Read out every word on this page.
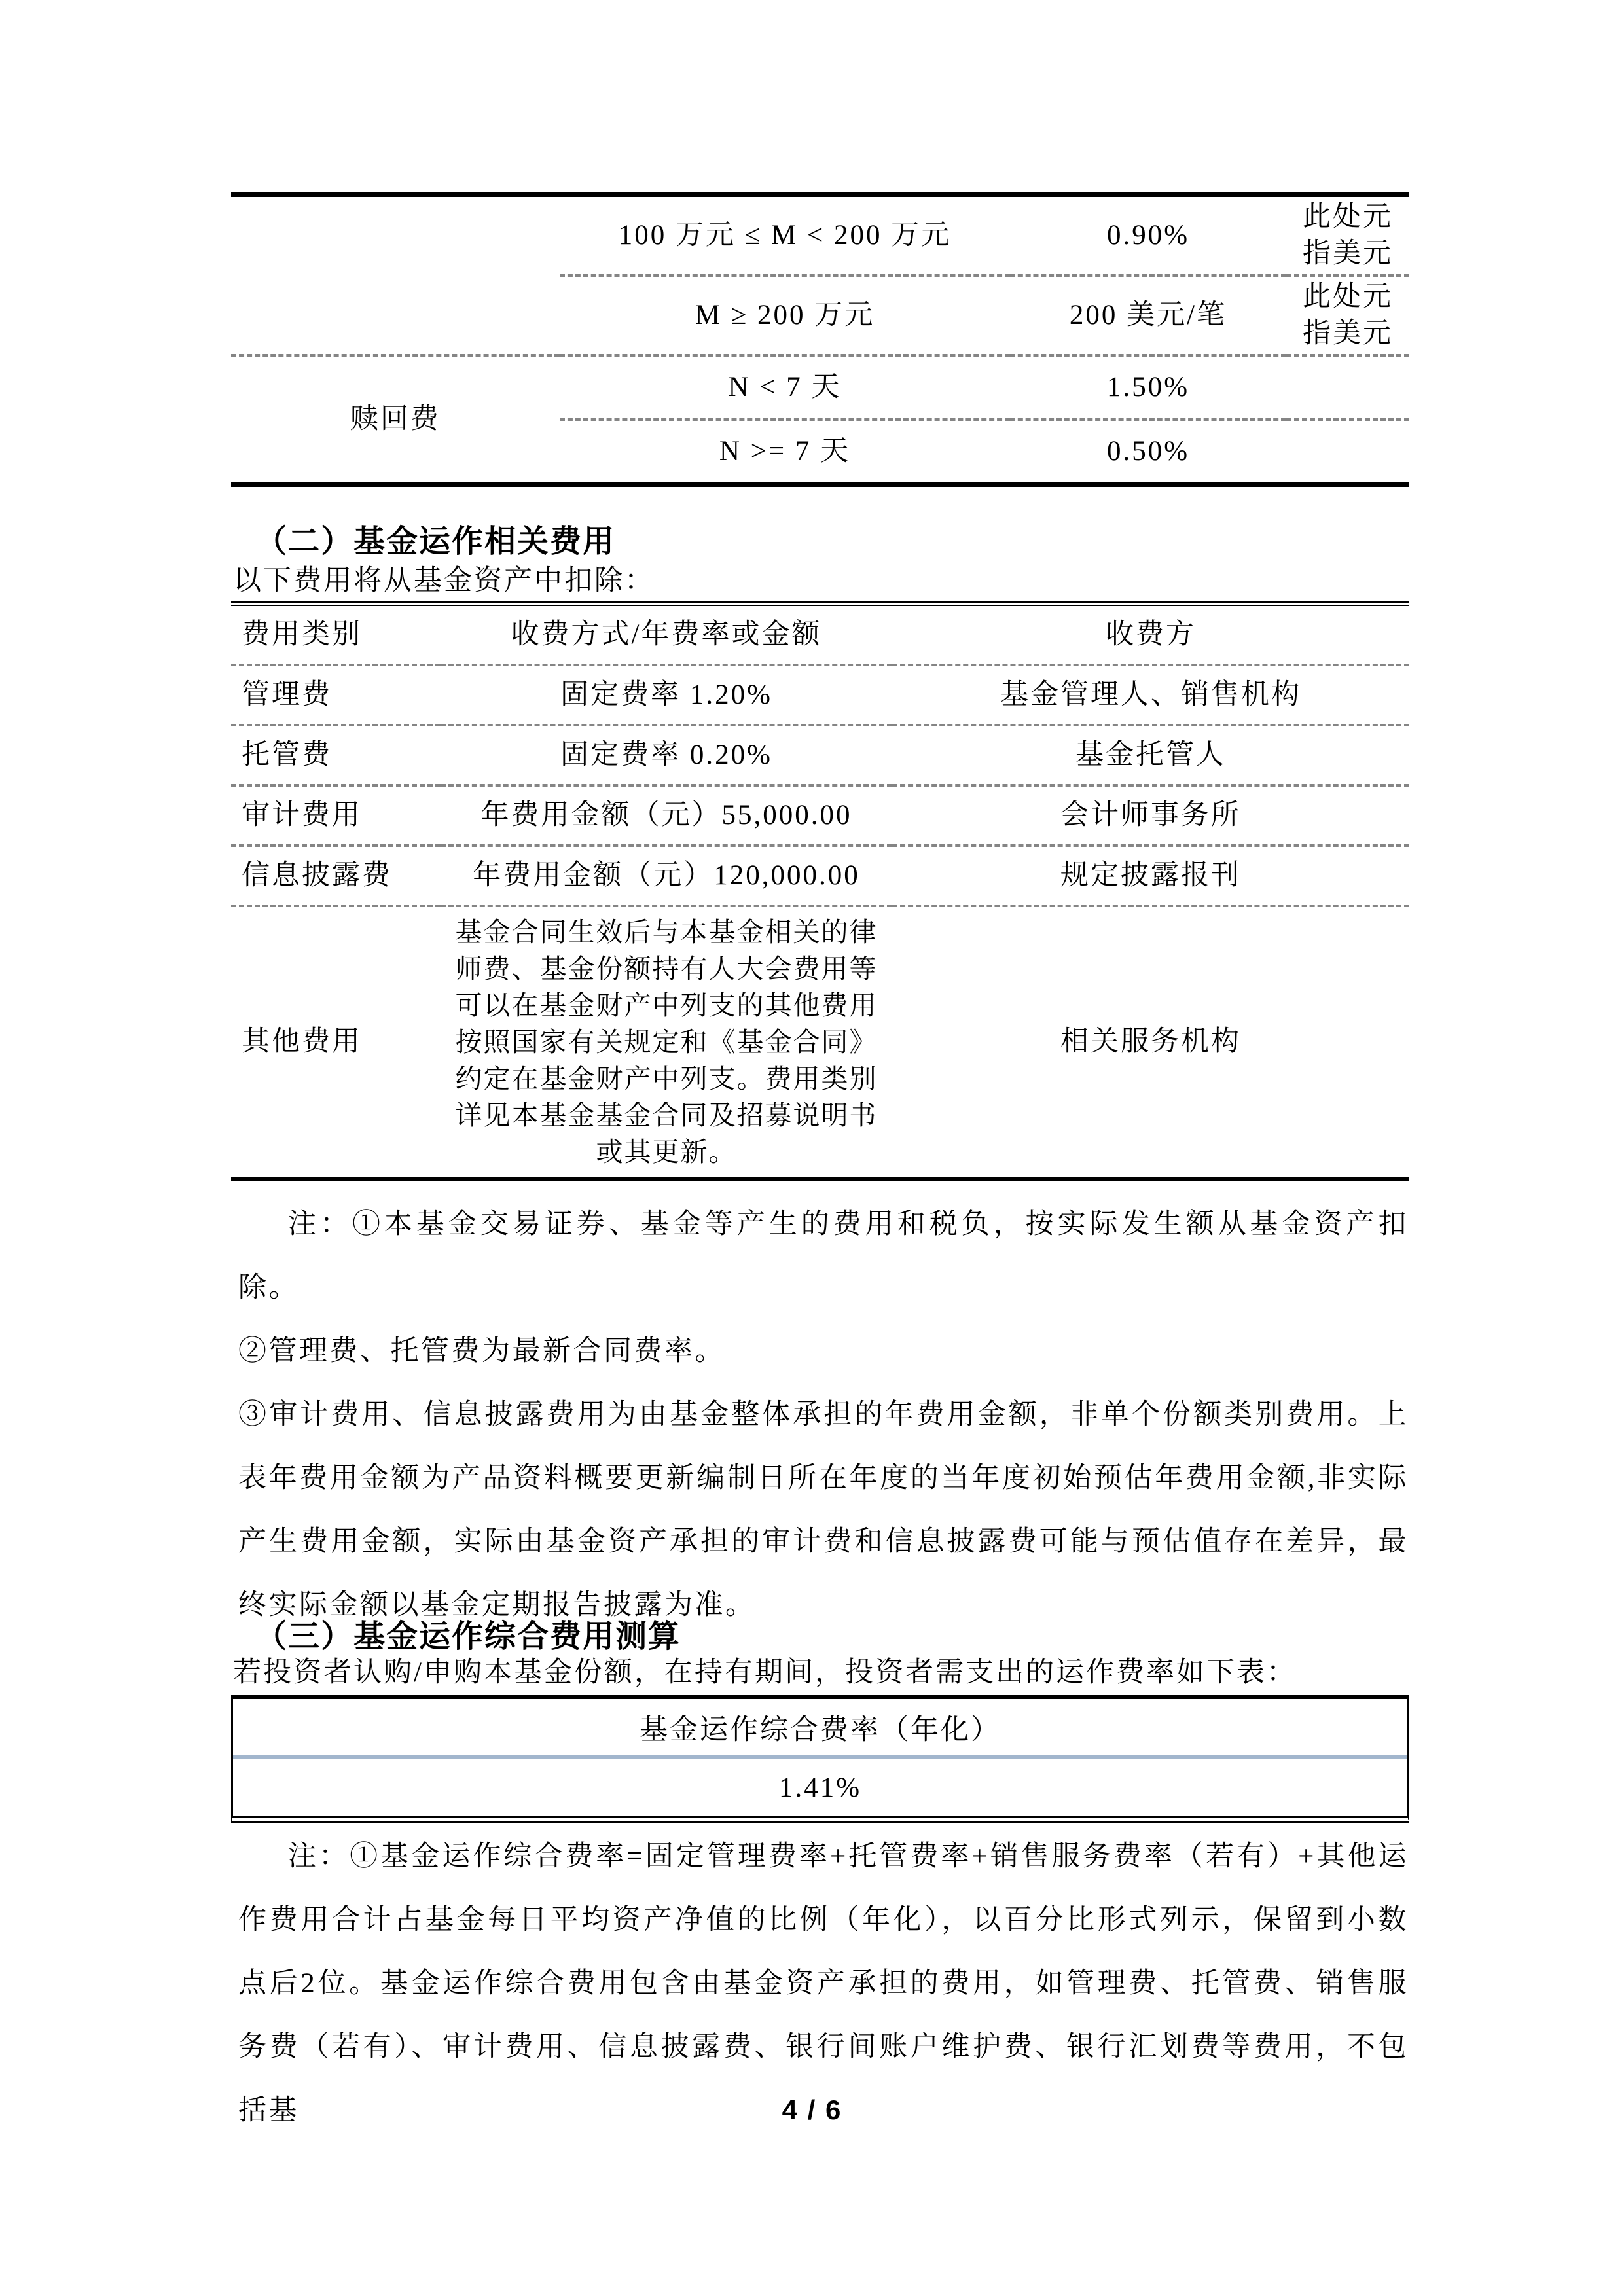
	100 万元 ≤ M < 200 万元	0.90%	此处元指美元
	M ≥ 200 万元	200 美元/笔	此处元指美元
赎回费	N < 7 天	1.50%	
	N >= 7 天	0.50%	
（二）基金运作相关费用
以下费用将从基金资产中扣除：
费用类别	收费方式/年费率或金额	收费方
管理费	固定费率 1.20%	基金管理人、销售机构
托管费	固定费率 0.20%	基金托管人
审计费用	年费用金额（元）55,000.00	会计师事务所
信息披露费	年费用金额（元）120,000.00	规定披露报刊
其他费用	基金合同生效后与本基金相关的律师费、基金份额持有人大会费用等可以在基金财产中列支的其他费用按照国家有关规定和《基金合同》约定在基金财产中列支。费用类别详见本基金基金合同及招募说明书或其更新。	相关服务机构

注：①本基金交易证券、基金等产生的费用和税负，按实际发生额从基金资产扣除。

②管理费、托管费为最新合同费率。

③审计费用、信息披露费用为由基金整体承担的年费用金额，非单个份额类别费用。上表年费用金额为产品资料概要更新编制日所在年度的当年度初始预估年费用金额,非实际产生费用金额，实际由基金资产承担的审计费和信息披露费可能与预估值存在差异，最终实际金额以基金定期报告披露为准。

（三）基金运作综合费用测算
若投资者认购/申购本基金份额，在持有期间，投资者需支出的运作费率如下表：
基金运作综合费率（年化）
1.41%

注：①基金运作综合费率=固定管理费率+托管费率+销售服务费率（若有）+其他运作费用合计占基金每日平均资产净值的比例（年化），以百分比形式列示，保留到小数点后2位。基金运作综合费用包含由基金资产承担的费用，如管理费、托管费、销售服务费（若有）、审计费用、信息披露费、银行间账户维护费、银行汇划费等费用，不包括基	4 / 6
